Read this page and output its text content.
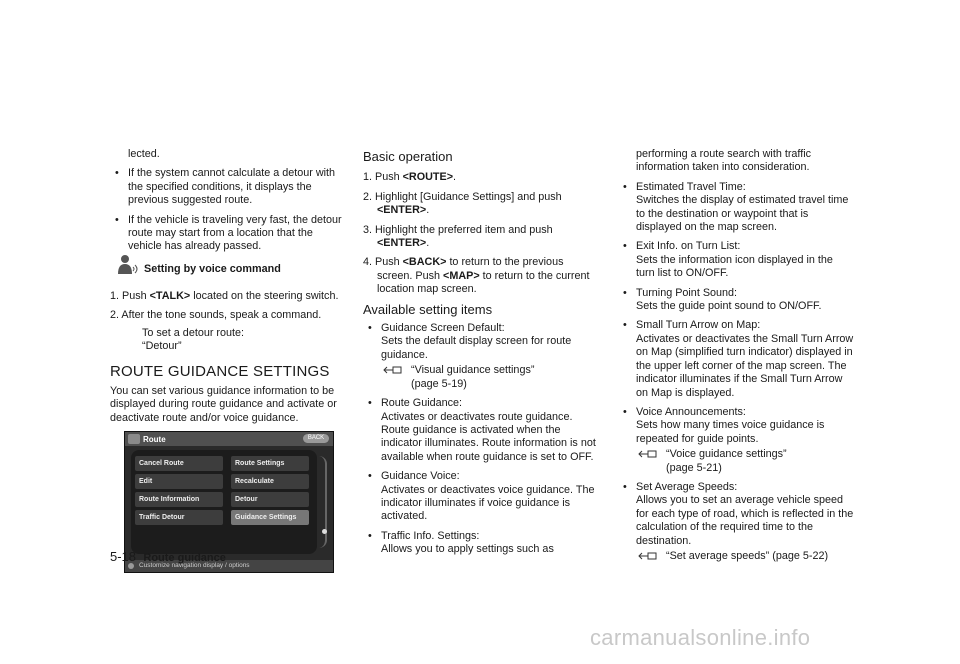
lected.

• If the system cannot calculate a detour with the specified conditions, it displays the previous suggested route.
• If the vehicle is traveling very fast, the detour route may start from a location that the vehicle has already passed.
Setting by voice command
1. Push <TALK> located on the steering switch.

2. After the tone sounds, speak a command.

To set a detour route:

“Detour”

ROUTE GUIDANCE SETTINGS

You can set various guidance information to be displayed during route guidance and activate or deactivate route and/or voice guidance.

Route	BACK
Cancel Route
Edit
Route Information
Traffic Detour
Route Settings
Recalculate
Detour
Guidance Settings
Customize navigation display / options
Basic operation

1. Push <ROUTE>.

2. Highlight [Guidance Settings] and push
<ENTER>.

3. Highlight the preferred item and push
<ENTER>.

4. Push <BACK> to return to the previous screen. Push <MAP> to return to the current location map screen.

Available setting items
• Guidance Screen Default:
Sets the default display screen for route guidance.
“Visual guidance settings”
(page 5-19)
• Route Guidance:
Activates or deactivates route guidance. Route guidance is activated when the indicator illuminates. Route information is not available when route guidance is set to OFF.
• Guidance Voice:
Activates or deactivates voice guidance. The indicator illuminates if voice guidance is activated.
• Traffic Info. Settings:
Allows you to apply settings such as

performing a route search with traffic information taken into consideration.

• Estimated Travel Time:
Switches the display of estimated travel time to the destination or waypoint that is displayed on the map screen.
• Exit Info. on Turn List:
Sets the information icon displayed in the turn list to ON/OFF.
• Turning Point Sound:
Sets the guide point sound to ON/OFF.
• Small Turn Arrow on Map:
Activates or deactivates the Small Turn Arrow on Map (simplified turn indicator) displayed in the upper left corner of the map screen. The indicator illuminates if the Small Turn Arrow on Map is displayed.
• Voice Announcements:
Sets how many times voice guidance is repeated for guide points.
“Voice guidance settings”
(page 5-21)
• Set Average Speeds:
Allows you to set an average vehicle speed for each type of road, which is reflected in the calculation of the required time to the destination.
“Set average speeds” (page 5-22)
5-18 Route guidance
carmanualsonline.info
